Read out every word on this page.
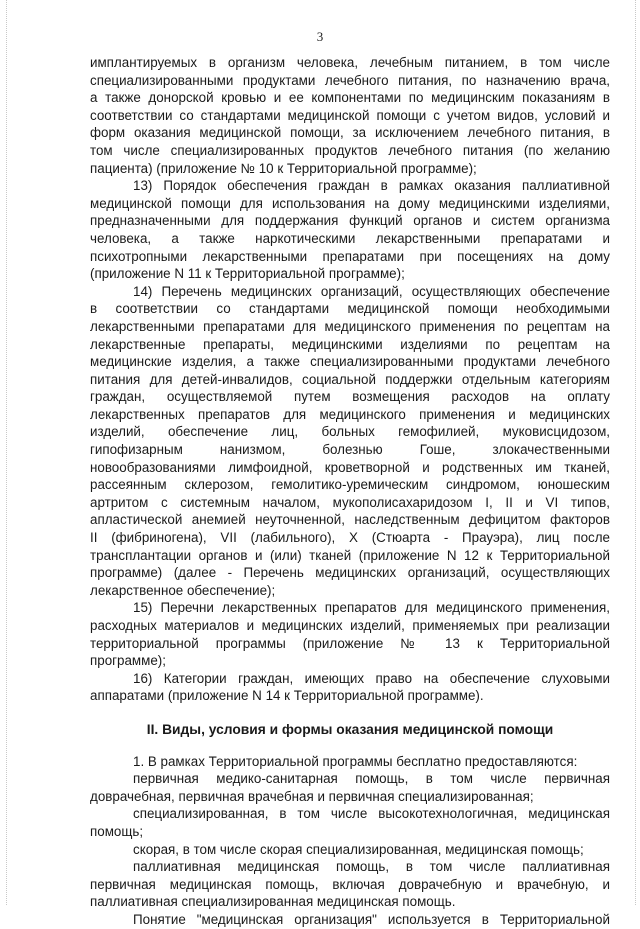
3
имплантируемых в организм человека, лечебным питанием, в том числе
специализированными продуктами лечебного питания, по назначению врача,
а также донорской кровью и ее компонентами по медицинским показаниям в
соответствии со стандартами медицинской помощи с учетом видов, условий и
форм оказания медицинской помощи, за исключением лечебного питания, в
том числе специализированных продуктов лечебного питания (по желанию
пациента) (приложение № 10 к Территориальной программе);
13) Порядок обеспечения граждан в рамках оказания паллиативной
медицинской помощи для использования на дому медицинскими изделиями,
предназначенными для поддержания функций органов и систем организма
человека, а также наркотическими лекарственными препаратами и
психотропными лекарственными препаратами при посещениях на дому
(приложение N 11 к Территориальной программе);
14) Перечень медицинских организаций, осуществляющих обеспечение
в соответствии со стандартами медицинской помощи необходимыми
лекарственными препаратами для медицинского применения по рецептам на
лекарственные препараты, медицинскими изделиями по рецептам на
медицинские изделия, а также специализированными продуктами лечебного
питания для детей-инвалидов, социальной поддержки отдельным категориям
граждан, осуществляемой путем возмещения расходов на оплату
лекарственных препаратов для медицинского применения и медицинских
изделий, обеспечение лиц, больных гемофилией, муковисцидозом,
гипофизарным нанизмом, болезнью Гоше, злокачественными
новообразованиями лимфоидной, кроветворной и родственных им тканей,
рассеянным склерозом, гемолитико-уремическим синдромом, юношеским
артритом с системным началом, мукополисахаридозом I, II и VI типов,
апластической анемией неуточненной, наследственным дефицитом факторов
II (фибриногена), VII (лабильного), X (Стюарта - Прауэра), лиц после
трансплантации органов и (или) тканей (приложение N 12 к Территориальной
программе) (далее - Перечень медицинских организаций, осуществляющих
лекарственное обеспечение);
15) Перечни лекарственных препаратов для медицинского применения,
расходных материалов и медицинских изделий, применяемых при реализации
территориальной программы (приложение № 13 к Территориальной
программе);
16) Категории граждан, имеющих право на обеспечение слуховыми
аппаратами (приложение N 14 к Территориальной программе).
II. Виды, условия и формы оказания медицинской помощи
1. В рамках Территориальной программы бесплатно предоставляются:
первичная медико-санитарная помощь, в том числе первичная
доврачебная, первичная врачебная и первичная специализированная;
специализированная, в том числе высокотехнологичная, медицинская
помощь;
скорая, в том числе скорая специализированная, медицинская помощь;
паллиативная медицинская помощь, в том числе паллиативная
первичная медицинская помощь, включая доврачебную и врачебную, и
паллиативная специализированная медицинская помощь.
Понятие "медицинская организация" используется в Территориальной
